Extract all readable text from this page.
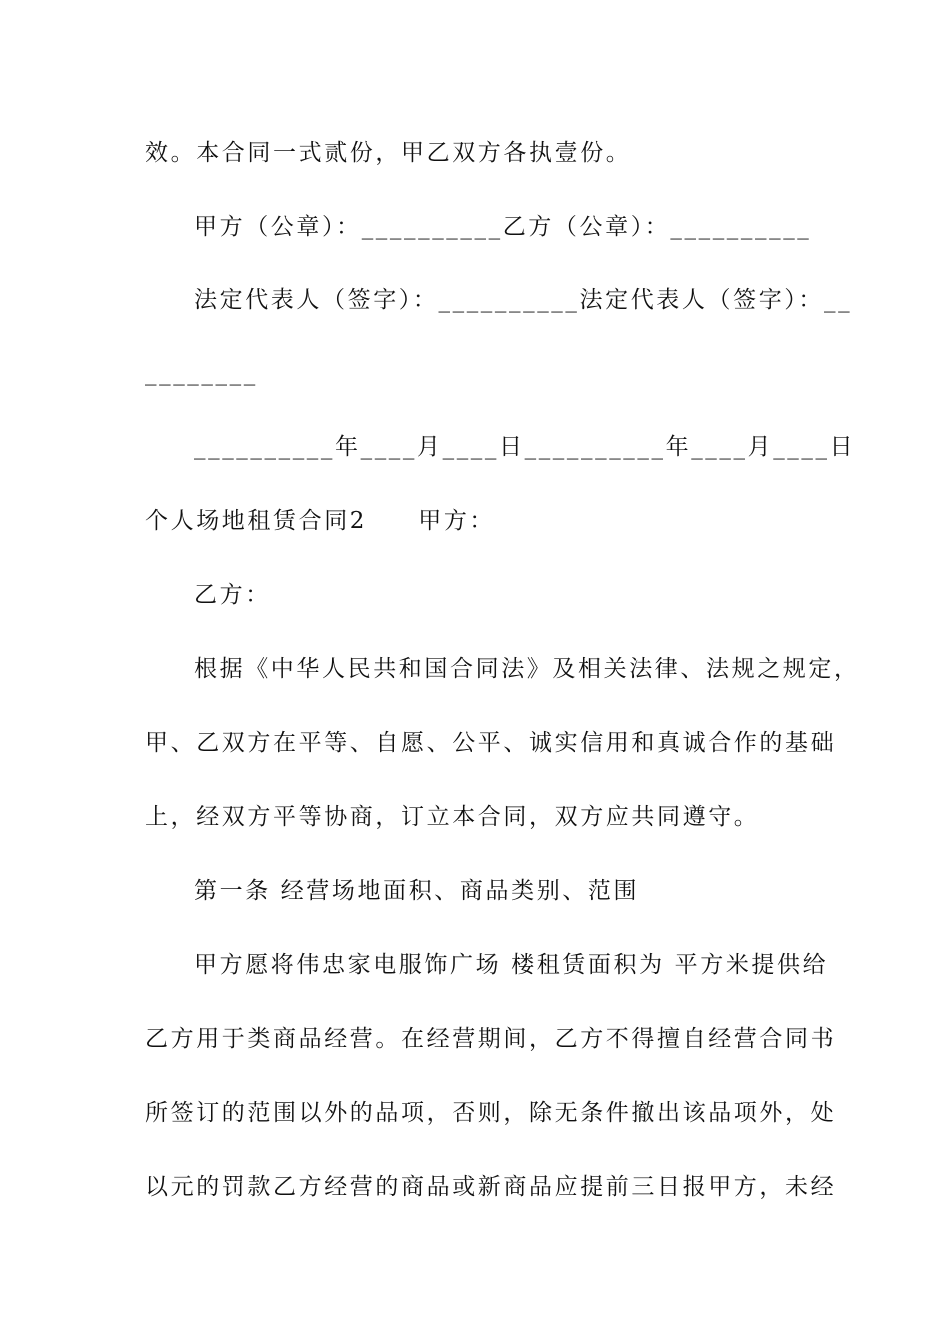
效。本合同一式贰份，甲乙双方各执壹份。
甲方（公章）：__________乙方（公章）：__________
法定代表人（签字）：__________法定代表人（签字）：__
________
__________年____月____日__________年____月____日
个人场地租赁合同2　　甲方：
乙方：
根据《中华人民共和国合同法》及相关法律、法规之规定，
甲、乙双方在平等、自愿、公平、诚实信用和真诚合作的基础
上，经双方平等协商，订立本合同，双方应共同遵守。
第一条 经营场地面积、商品类别、范围
甲方愿将伟忠家电服饰广场 楼租赁面积为 平方米提供给
乙方用于类商品经营。在经营期间，乙方不得擅自经营合同书
所签订的范围以外的品项，否则，除无条件撤出该品项外，处
以元的罚款乙方经营的商品或新商品应提前三日报甲方，未经
